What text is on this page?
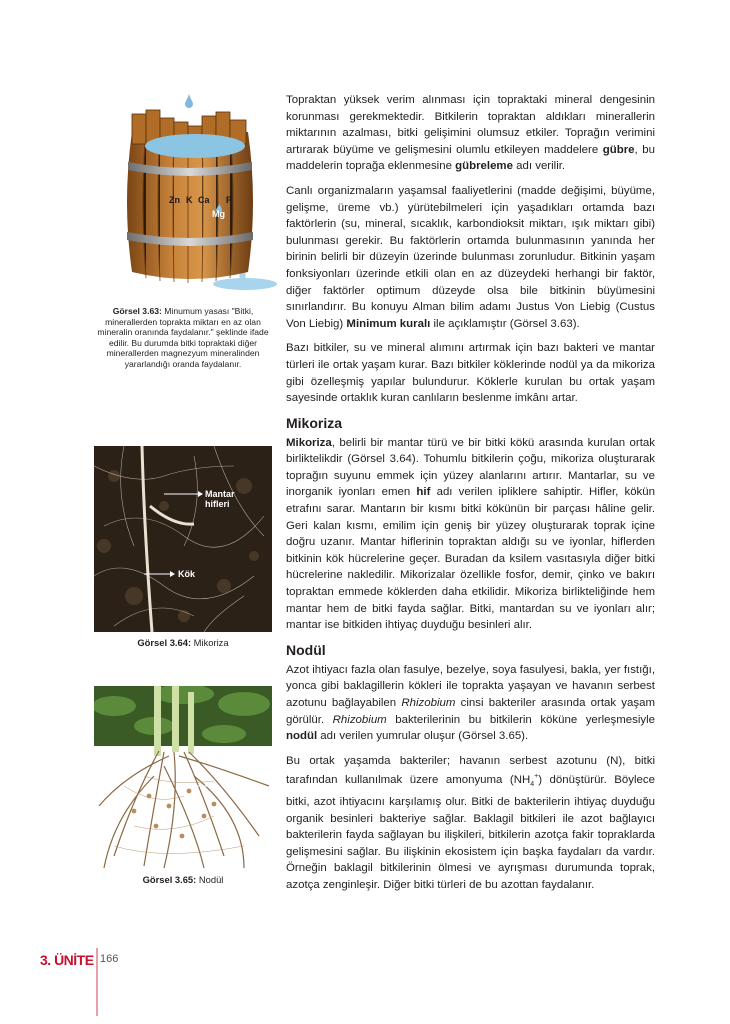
Zn K Ca P
Mg
Görsel 3.63: Minumum yasası "Bitki, minerallerden toprakta miktarı en az olan mineralin oranında faydalanır." şeklinde ifade edilir. Bu durumda bitki topraktaki diğer minerallerden magnezyum mineralinden yararlandığı oranda faydalanır.
Mantar
hifleri
Kök
Görsel 3.64: Mikoriza
Nodül
Görsel 3.65: Nodül

Topraktan yüksek verim alınması için topraktaki mineral dengesinin korunması gerekmektedir. Bitkilerin topraktan aldıkları minerallerin miktarının azalması, bitki gelişimini olumsuz etkiler. Toprağın verimini artırarak büyüme ve gelişmesini olumlu etkileyen maddelere gübre, bu maddelerin toprağa eklenmesine gübreleme adı verilir.

Canlı organizmaların yaşamsal faaliyetlerini (madde değişimi, büyüme, gelişme, üreme vb.) yürütebilmeleri için yaşadıkları ortamda bazı faktörlerin (su, mineral, sıcaklık, karbondioksit miktarı, ışık miktarı gibi) bulunması gerekir. Bu faktörlerin ortamda bulunmasının yanında her birinin belirli bir düzeyin üzerinde bulunması zorunludur. Bitkinin yaşam fonksiyonları üzerinde etkili olan en az düzeydeki herhangi bir faktör, diğer faktörler optimum düzeyde olsa bile bitkinin büyümesini sınırlandırır. Bu konuyu Alman bilim adamı Justus Von Liebig (Custus Von Liebig) Minimum kuralı ile açıklamıştır (Görsel 3.63).

Bazı bitkiler, su ve mineral alımını artırmak için bazı bakteri ve mantar türleri ile ortak yaşam kurar. Bazı bitkiler köklerinde nodül ya da mikoriza gibi özelleşmiş yapılar bulundurur. Köklerle kurulan bu ortak yaşam sayesinde ortaklık kuran canlıların beslenme imkânı artar.

Mikoriza

Mikoriza, belirli bir mantar türü ve bir bitki kökü arasında kurulan ortak birliktelikdir (Görsel 3.64). Tohumlu bitkilerin çoğu, mikoriza oluşturarak toprağın suyunu emmek için yüzey alanlarını artırır. Mantarlar, su ve inorganik iyonları emen hif adı verilen ipliklere sahiptir. Hifler, kökün etrafını sarar. Mantarın bir kısmı bitki kökünün bir parçası hâline gelir. Geri kalan kısmı, emilim için geniş bir yüzey oluşturarak toprak içine doğru uzanır. Mantar hiflerinin topraktan aldığı su ve iyonlar, hiflerden bitkinin kök hücrelerine geçer. Buradan da ksilem vasıtasıyla diğer bitki hücrelerine nakledilir. Mikorizalar özellikle fosfor, demir, çinko ve bakırı topraktan emmede köklerden daha etkilidir. Mikoriza birlikteliğinde hem mantar hem de bitki fayda sağlar. Bitki, mantardan su ve iyonları alır; mantar ise bitkiden ihtiyaç duyduğu besinleri alır.

Nodül

Azot ihtiyacı fazla olan fasulye, bezelye, soya fasulyesi, bakla, yer fıstığı, yonca gibi baklagillerin kökleri ile toprakta yaşayan ve havanın serbest azotunu bağlayabilen Rhizobium cinsi bakteriler arasında ortak yaşam görülür. Rhizobium bakterilerinin bu bitkilerin köküne yerleşmesiyle nodül adı verilen yumrular oluşur (Görsel 3.65).

Bu ortak yaşamda bakteriler; havanın serbest azotunu (N), bitki tarafından kullanılmak üzere amonyuma $(NH_4^+)$ dönüştürür. Böylece bitki, azot ihtiyacını karşılamış olur. Bitki de bakterilerin ihtiyaç duyduğu organik besinleri bakteriye sağlar. Baklagil bitkileri ile azot bağlayıcı bakterilerin fayda sağlayan bu ilişkileri, bitkilerin azotça fakir topraklarda gelişmesini sağlar. Bu ilişkinin ekosistem için başka faydaları da vardır. Örneğin baklagil bitkilerinin ölmesi ve ayrışması durumunda toprak, azotça zenginleşir. Diğer bitki türleri de bu azottan faydalanır.

3. ÜNİTE 166
